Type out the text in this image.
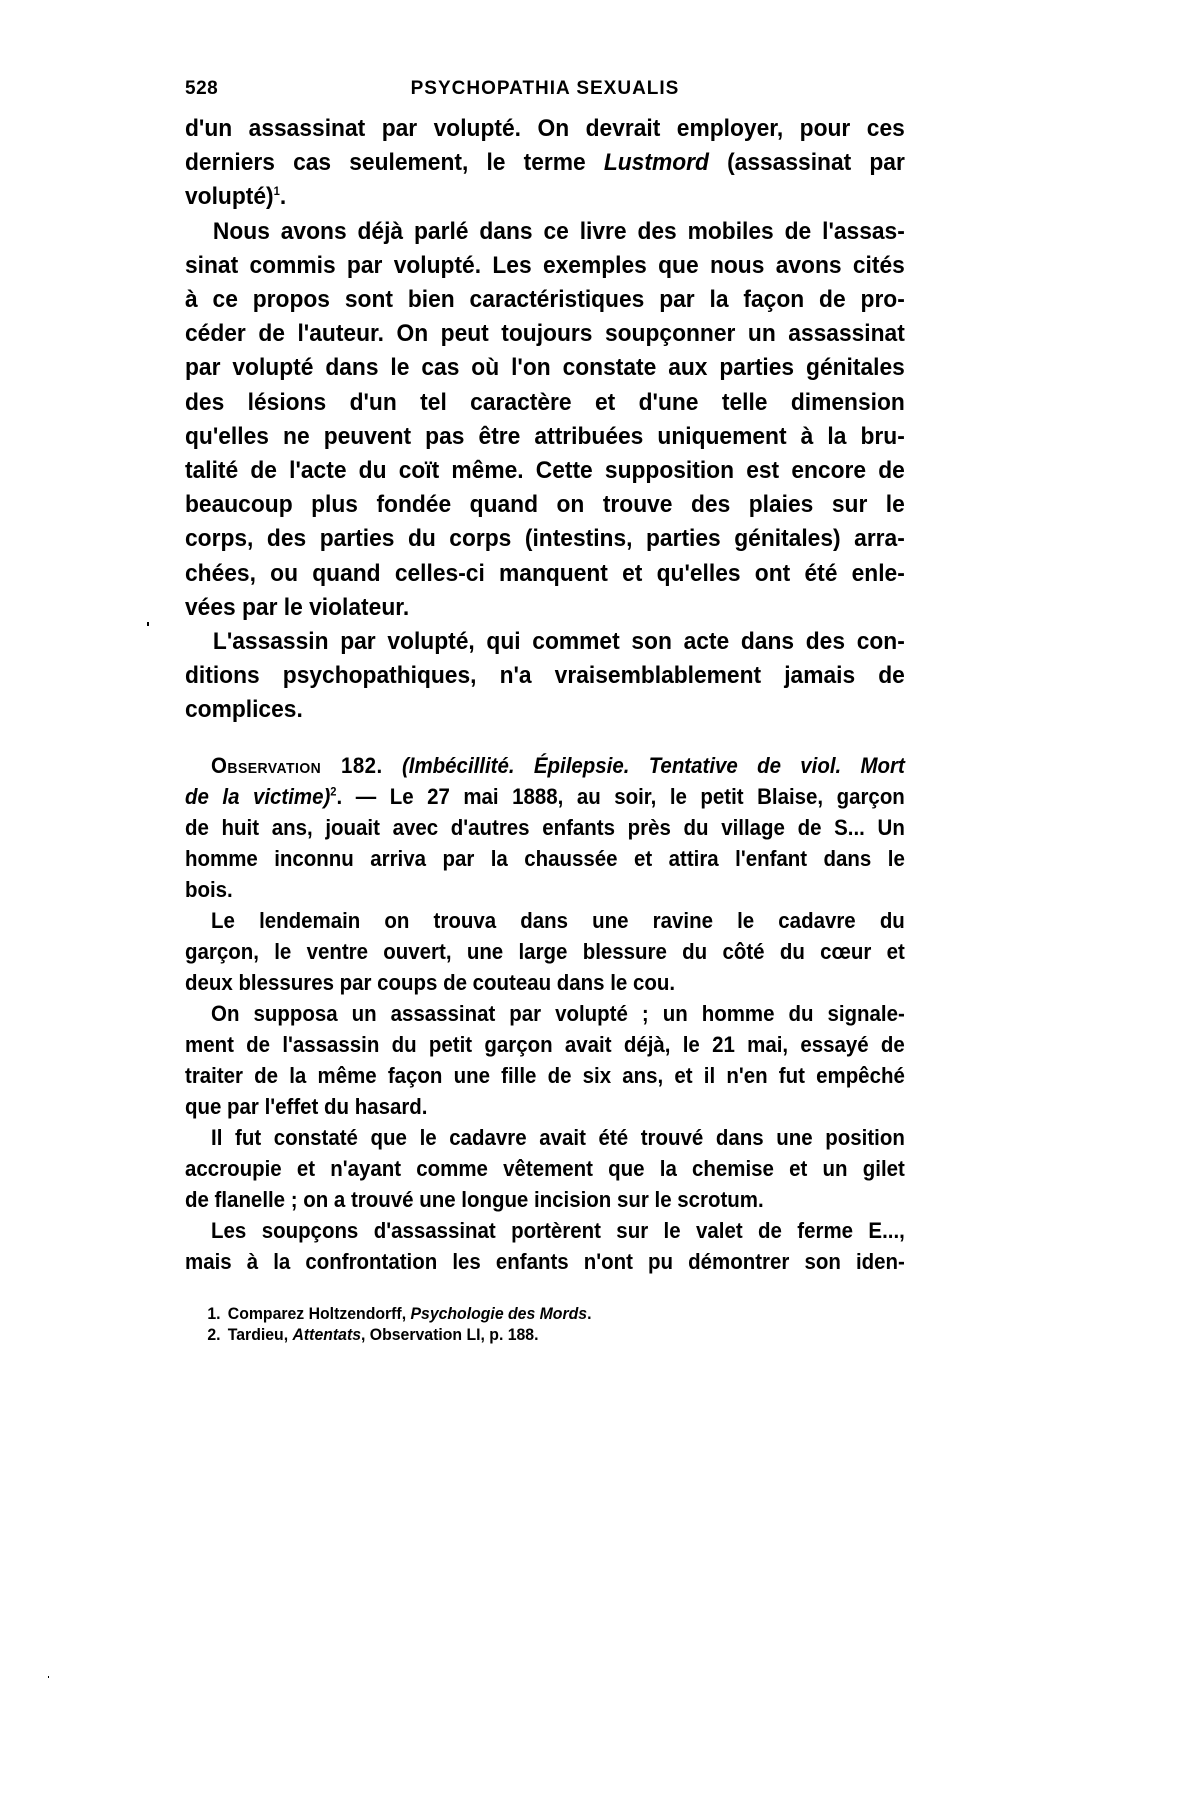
528	PSYCHOPATHIA SEXUALIS

d'un assassinat par volupté. On devrait employer, pour ces
derniers cas seulement, le terme Lustmord (assassinat par
volupté)$^1$.

Nous avons déjà parlé dans ce livre des mobiles de l'assas-
sinat commis par volupté. Les exemples que nous avons cités
à ce propos sont bien caractéristiques par la façon de pro-
céder de l'auteur. On peut toujours soupçonner un assassinat
par volupté dans le cas où l'on constate aux parties génitales
des lésions d'un tel caractère et d'une telle dimension
qu'elles ne peuvent pas être attribuées uniquement à la bru-
talité de l'acte du coït même. Cette supposition est encore de
beaucoup plus fondée quand on trouve des plaies sur le
corps, des parties du corps (intestins, parties génitales) arra-
chées, ou quand celles-ci manquent et qu'elles ont été enle-
vées par le violateur.

L'assassin par volupté, qui commet son acte dans des con-
ditions psychopathiques, n'a vraisemblablement jamais de
complices.

Observation 182. (Imbécillité. Épilepsie. Tentative de viol. Mort
de la victime)$^2$. — Le 27 mai 1888, au soir, le petit Blaise, garçon
de huit ans, jouait avec d'autres enfants près du village de S... Un
homme inconnu arriva par la chaussée et attira l'enfant dans le
bois.
Le lendemain on trouva dans une ravine le cadavre du
garçon, le ventre ouvert, une large blessure du côté du cœur et
deux blessures par coups de couteau dans le cou.
On supposa un assassinat par volupté ; un homme du signale-
ment de l'assassin du petit garçon avait déjà, le 21 mai, essayé de
traiter de la même façon une fille de six ans, et il n'en fut empêché
que par l'effet du hasard.
Il fut constaté que le cadavre avait été trouvé dans une position
accroupie et n'ayant comme vêtement que la chemise et un gilet
de flanelle ; on a trouvé une longue incision sur le scrotum.
Les soupçons d'assassinat portèrent sur le valet de ferme E...,
mais à la confrontation les enfants n'ont pu démontrer son iden-
1. Comparez Holtzendorff, Psychologie des Mords.
2. Tardieu, Attentats, Observation LI, p. 188.
